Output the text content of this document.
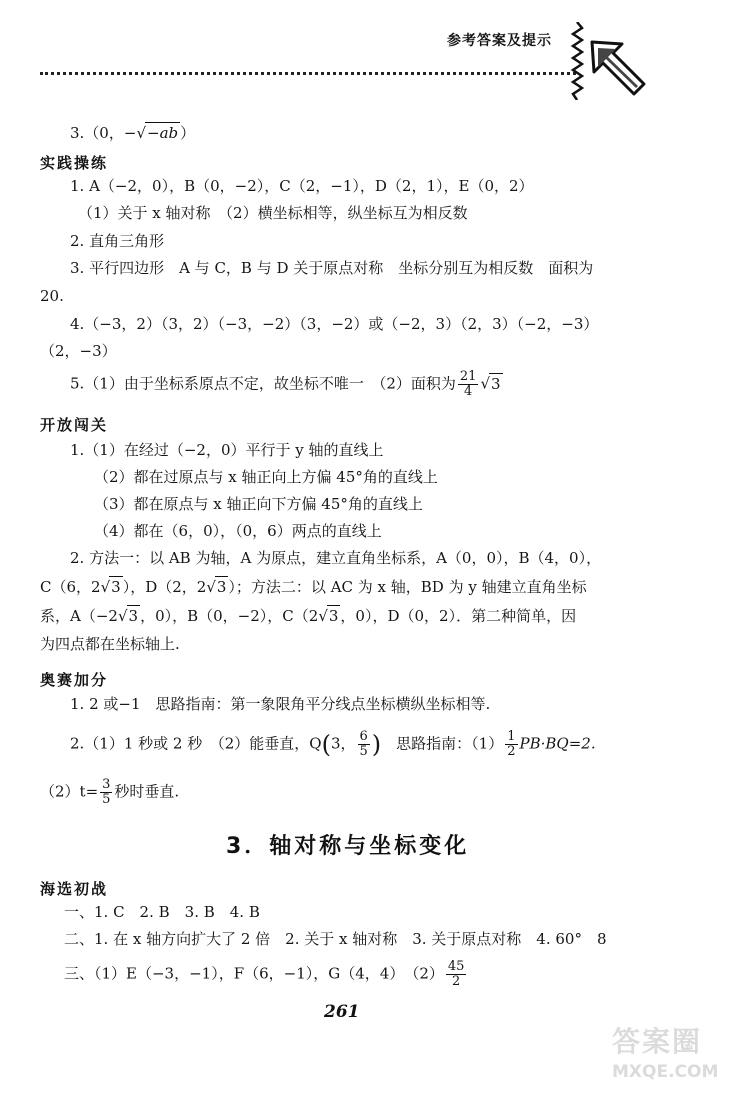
参考答案及提示
3.（0，−√−ab ）
实践操练
1. A（−2，0），B（0，−2），C（2，−1），D（2，1），E（0，2）
（1）关于 x 轴对称　（2）横坐标相等，纵坐标互为相反数
2. 直角三角形
3. 平行四边形　A 与 C，B 与 D 关于原点对称　坐标分别互为相反数　面积为
20.
4.（−3，2）（3，2）（−3，−2）（3，−2）或（−2，3）（2，3）（−2，−3）
（2，−3）
5.（1）由于坐标系原点不定，故坐标不唯一　（2）面积为 $\frac{21}{4} √3$
开放闯关
1.（1）在经过（−2，0）平行于 y 轴的直线上
（2）都在过原点与 x 轴正向上方偏 45°角的直线上
（3）都在原点与 x 轴正向下方偏 45°角的直线上
（4）都在（6，0），（0，6）两点的直线上
2. 方法一：以 AB 为轴，A 为原点，建立直角坐标系，A（0，0），B（4，0），
C（6，2√3 ），D（2，2√3 ）；方法二：以 AC 为 x 轴，BD 为 y 轴建立直角坐标
系，A（−2√3 ，0），B（0，−2），C（2√3 ，0），D（0，2）．第二种简单，因
为四点都在坐标轴上.
奥赛加分
1. 2 或−1　思路指南：第一象限角平分线点坐标横纵坐标相等.
2.（1）1 秒或 2 秒　（2）能垂直，Q(3， $\frac{6}{5}$ )　思路指南：$(1) \frac{1}{2} PB\cdot BQ=2$.
$(2)t= \frac{3}{5}$ 秒时垂直.
3．轴对称与坐标变化
海选初战
一、1. C　2. B　3. B　4. B
二、1. 在 x 轴方向扩大了 2 倍　2. 关于 x 轴对称　3. 关于原点对称　4. 60°　8
三、（1）E（−3，−1），F（6，−1），G（4，4）　$(2) \frac{45}{2}$
261
答案圈
MXQE.COM
